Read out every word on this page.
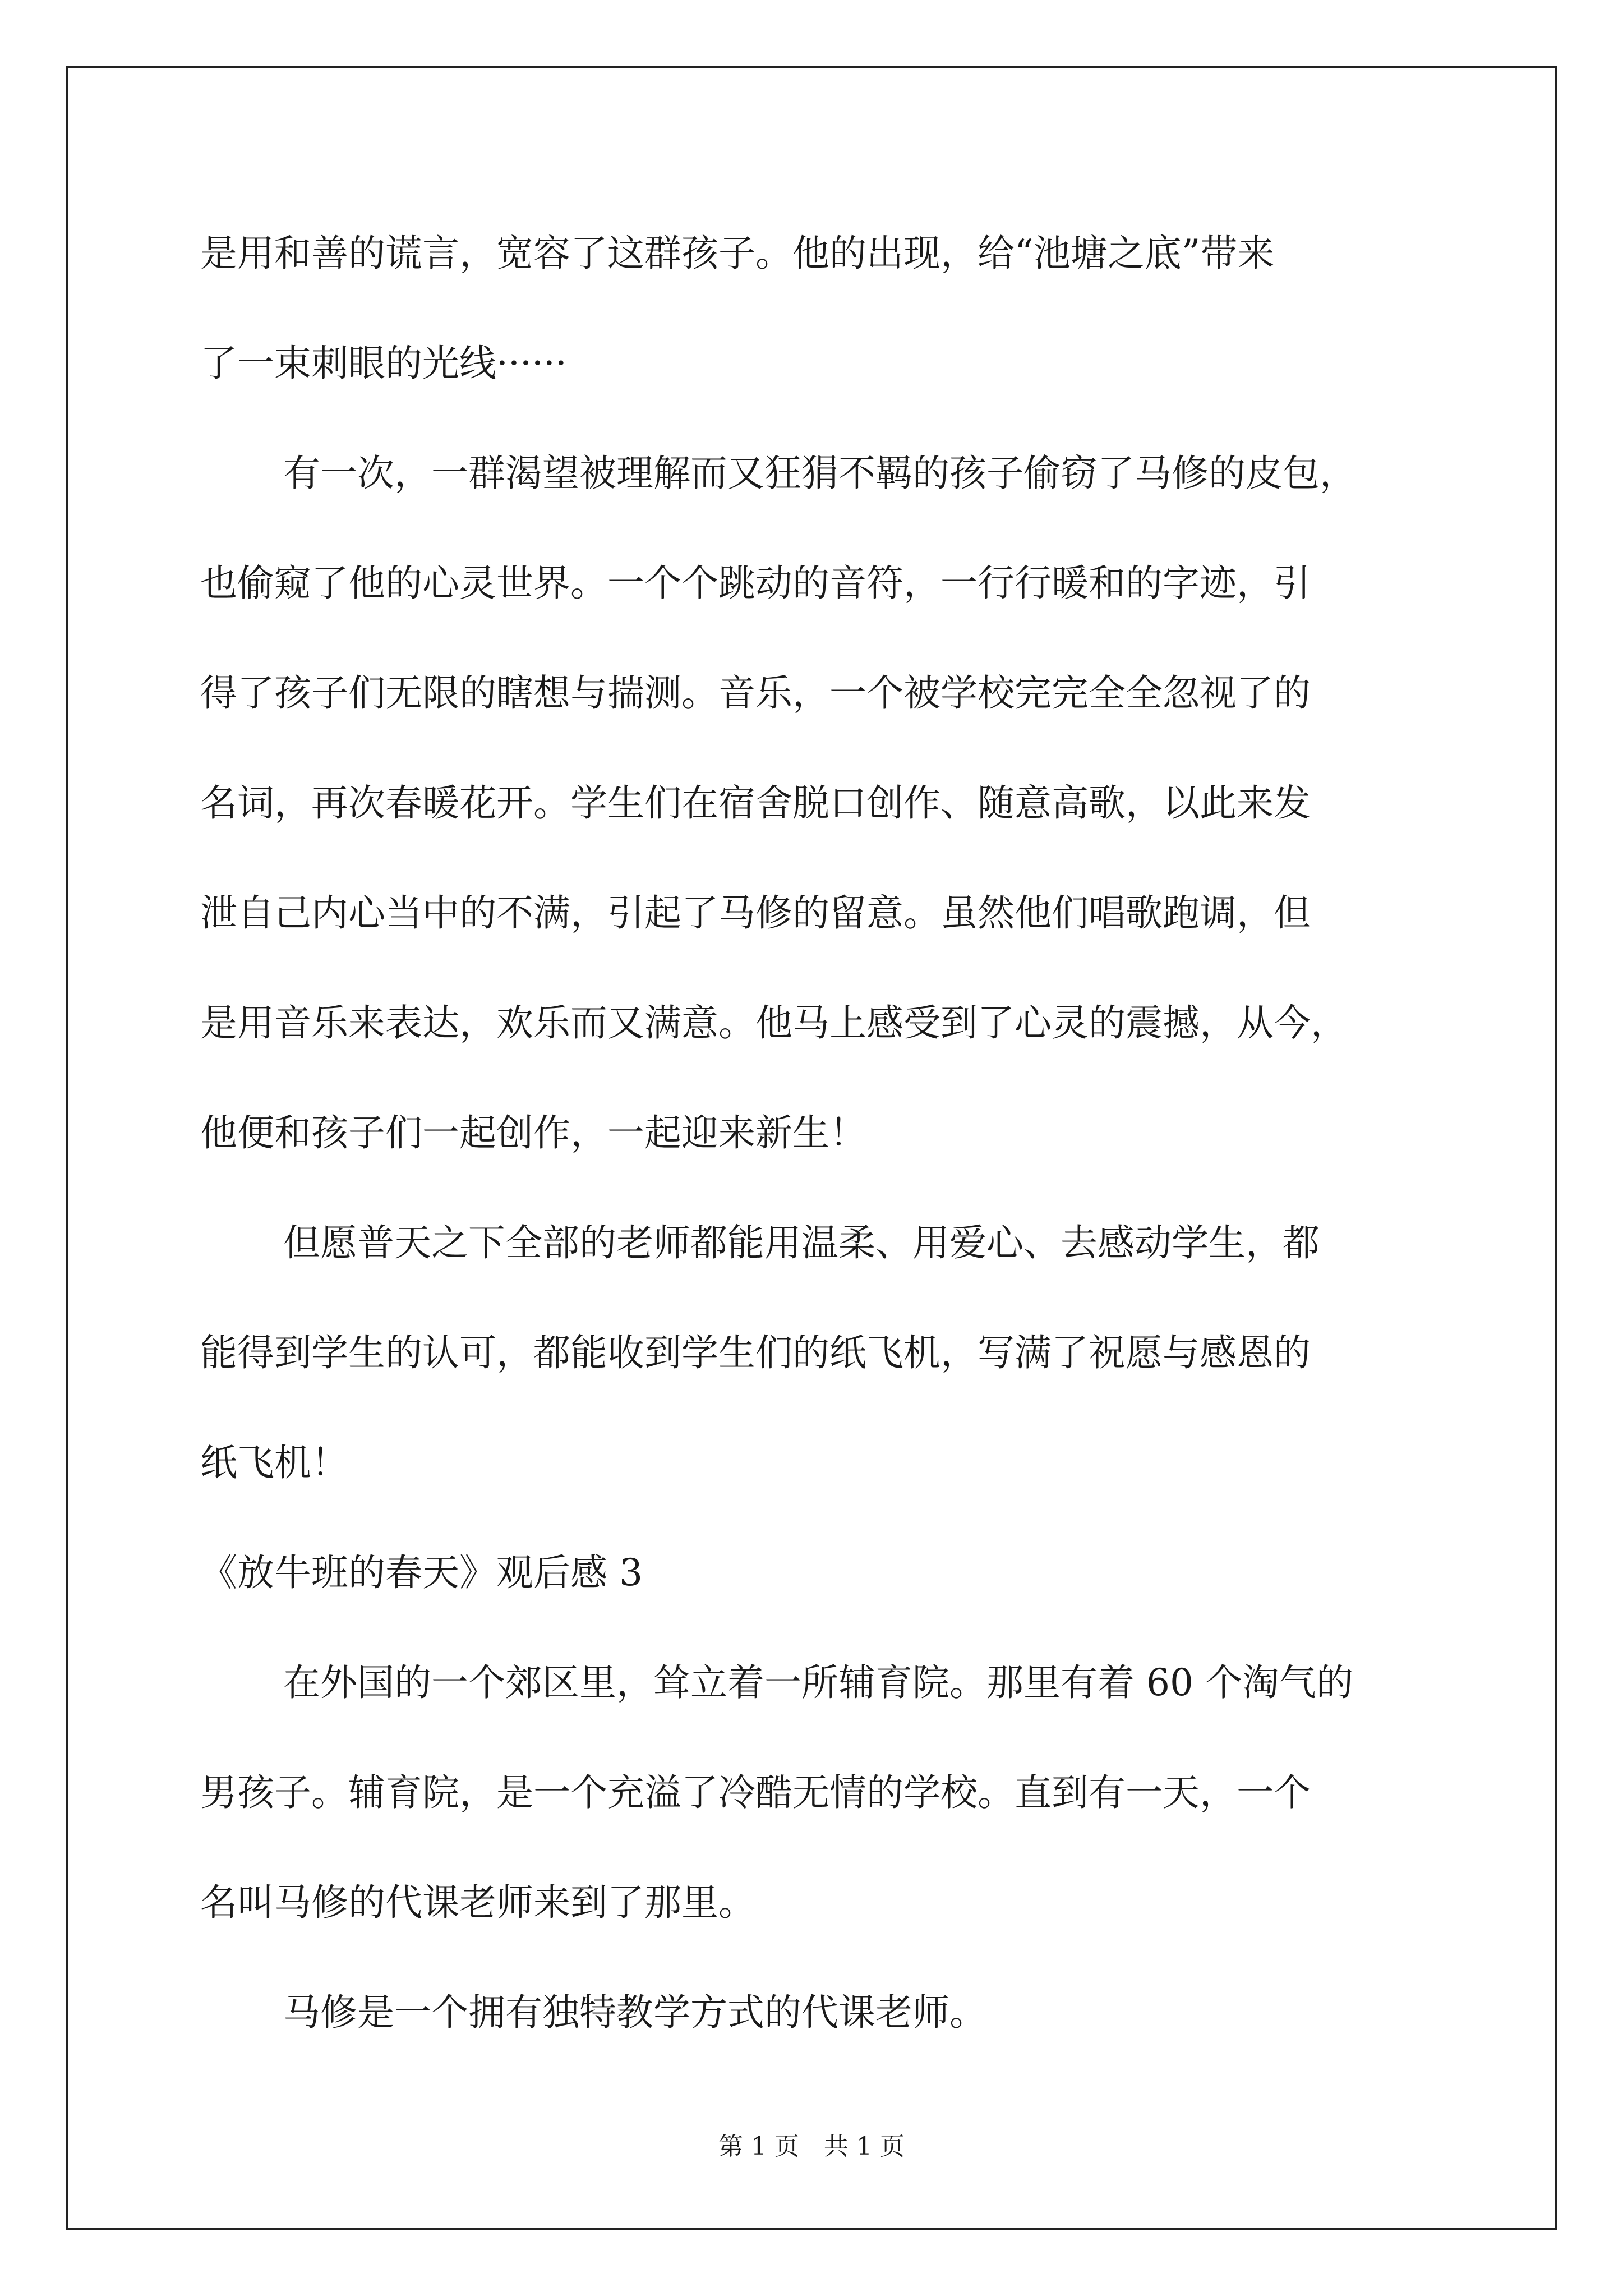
是用和善的谎言，宽容了这群孩子。他的出现，给“池塘之底”带来
了一束刺眼的光线······
有一次，一群渴望被理解而又狂狷不羁的孩子偷窃了马修的皮包，
也偷窥了他的心灵世界。一个个跳动的音符，一行行暖和的字迹，引
得了孩子们无限的瞎想与揣测。音乐，一个被学校完完全全忽视了的
名词，再次春暖花开。学生们在宿舍脱口创作、随意高歌，以此来发
泄自己内心当中的不满，引起了马修的留意。虽然他们唱歌跑调，但
是用音乐来表达，欢乐而又满意。他马上感受到了心灵的震撼，从今，
他便和孩子们一起创作，一起迎来新生！
但愿普天之下全部的老师都能用温柔、用爱心、去感动学生，都
能得到学生的认可，都能收到学生们的纸飞机，写满了祝愿与感恩的
纸飞机！
《放牛班的春天》观后感 3
在外国的一个郊区里，耸立着一所辅育院。那里有着 60 个淘气的
男孩子。辅育院，是一个充溢了冷酷无情的学校。直到有一天，一个
名叫马修的代课老师来到了那里。
马修是一个拥有独特教学方式的代课老师。
第 1 页　共 1 页
